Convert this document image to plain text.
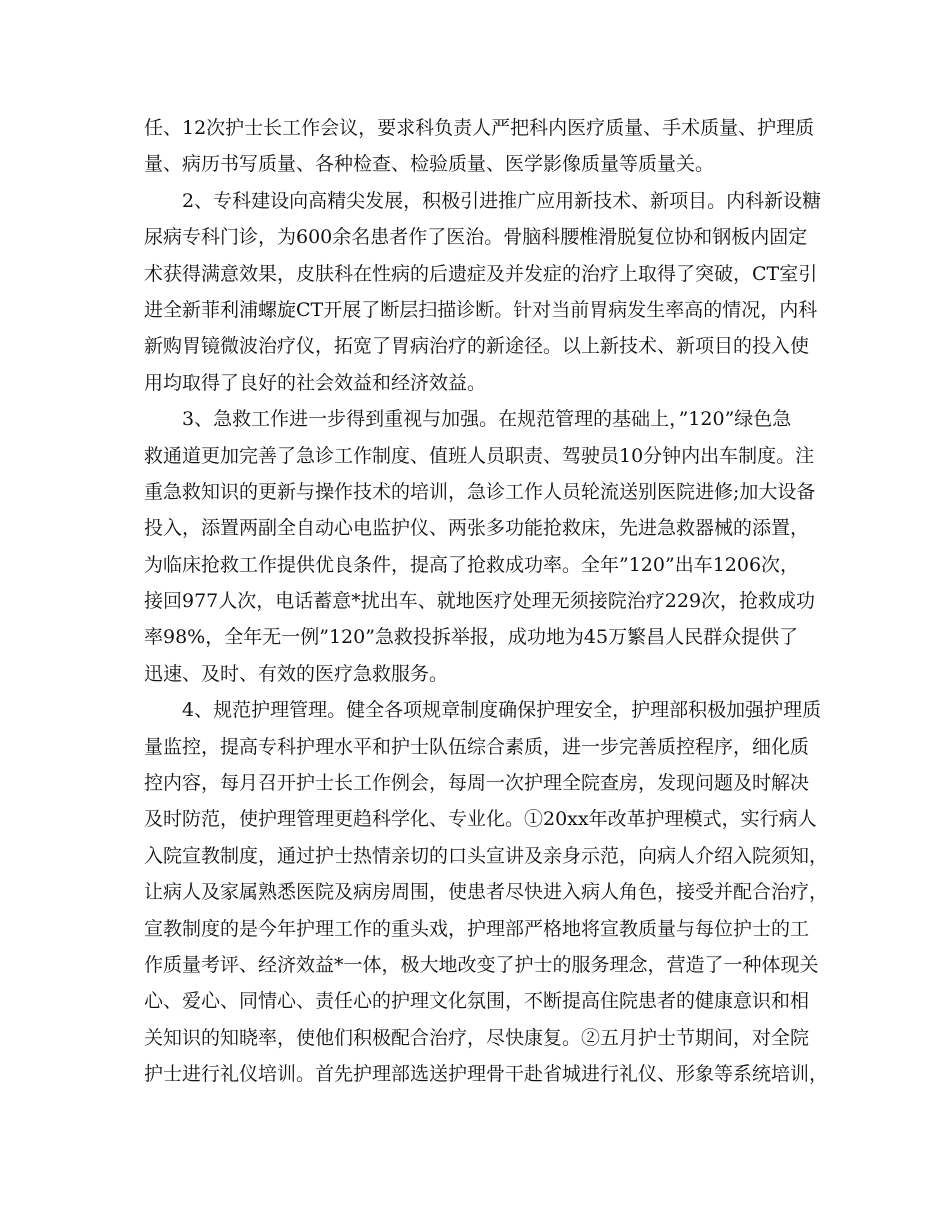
任、12次护士长工作会议，要求科负责人严把科内医疗质量、手术质量、护理质
量、病历书写质量、各种检查、检验质量、医学影像质量等质量关。
2、专科建设向高精尖发展，积极引进推广应用新技术、新项目。内科新设糖
尿病专科门诊，为600余名患者作了医治。骨脑科腰椎滑脱复位协和钢板内固定
术获得满意效果，皮肤科在性病的后遗症及并发症的治疗上取得了突破，CT室引
进全新菲利浦螺旋CT开展了断层扫描诊断。针对当前胃病发生率高的情况，内科
新购胃镜微波治疗仪，拓宽了胃病治疗的新途径。以上新技术、新项目的投入使
用均取得了良好的社会效益和经济效益。
3、急救工作进一步得到重视与加强。在规范管理的基础上，”120”绿色急
救通道更加完善了急诊工作制度、值班人员职责、驾驶员10分钟内出车制度。注
重急救知识的更新与操作技术的培训，急诊工作人员轮流送别医院进修;加大设备
投入，添置两副全自动心电监护仪、两张多功能抢救床，先进急救器械的添置，
为临床抢救工作提供优良条件，提高了抢救成功率。全年”120”出车1206次，
接回977人次，电话蓄意*扰出车、就地医疗处理无须接院治疗229次，抢救成功
率98%，全年无一例”120”急救投拆举报，成功地为45万繁昌人民群众提供了
迅速、及时、有效的医疗急救服务。
4、规范护理管理。健全各项规章制度确保护理安全，护理部积极加强护理质
量监控，提高专科护理水平和护士队伍综合素质，进一步完善质控程序，细化质
控内容，每月召开护士长工作例会，每周一次护理全院查房，发现问题及时解决
及时防范，使护理管理更趋科学化、专业化。①20xx年改革护理模式，实行病人
入院宣教制度，通过护士热情亲切的口头宣讲及亲身示范，向病人介绍入院须知，
让病人及家属熟悉医院及病房周围，使患者尽快进入病人角色，接受并配合治疗，
宣教制度的是今年护理工作的重头戏，护理部严格地将宣教质量与每位护士的工
作质量考评、经济效益*一体，极大地改变了护士的服务理念，营造了一种体现关
心、爱心、同情心、责任心的护理文化氛围，不断提高住院患者的健康意识和相
关知识的知晓率，使他们积极配合治疗，尽快康复。②五月护士节期间，对全院
护士进行礼仪培训。首先护理部选送护理骨干赴省城进行礼仪、形象等系统培训，
